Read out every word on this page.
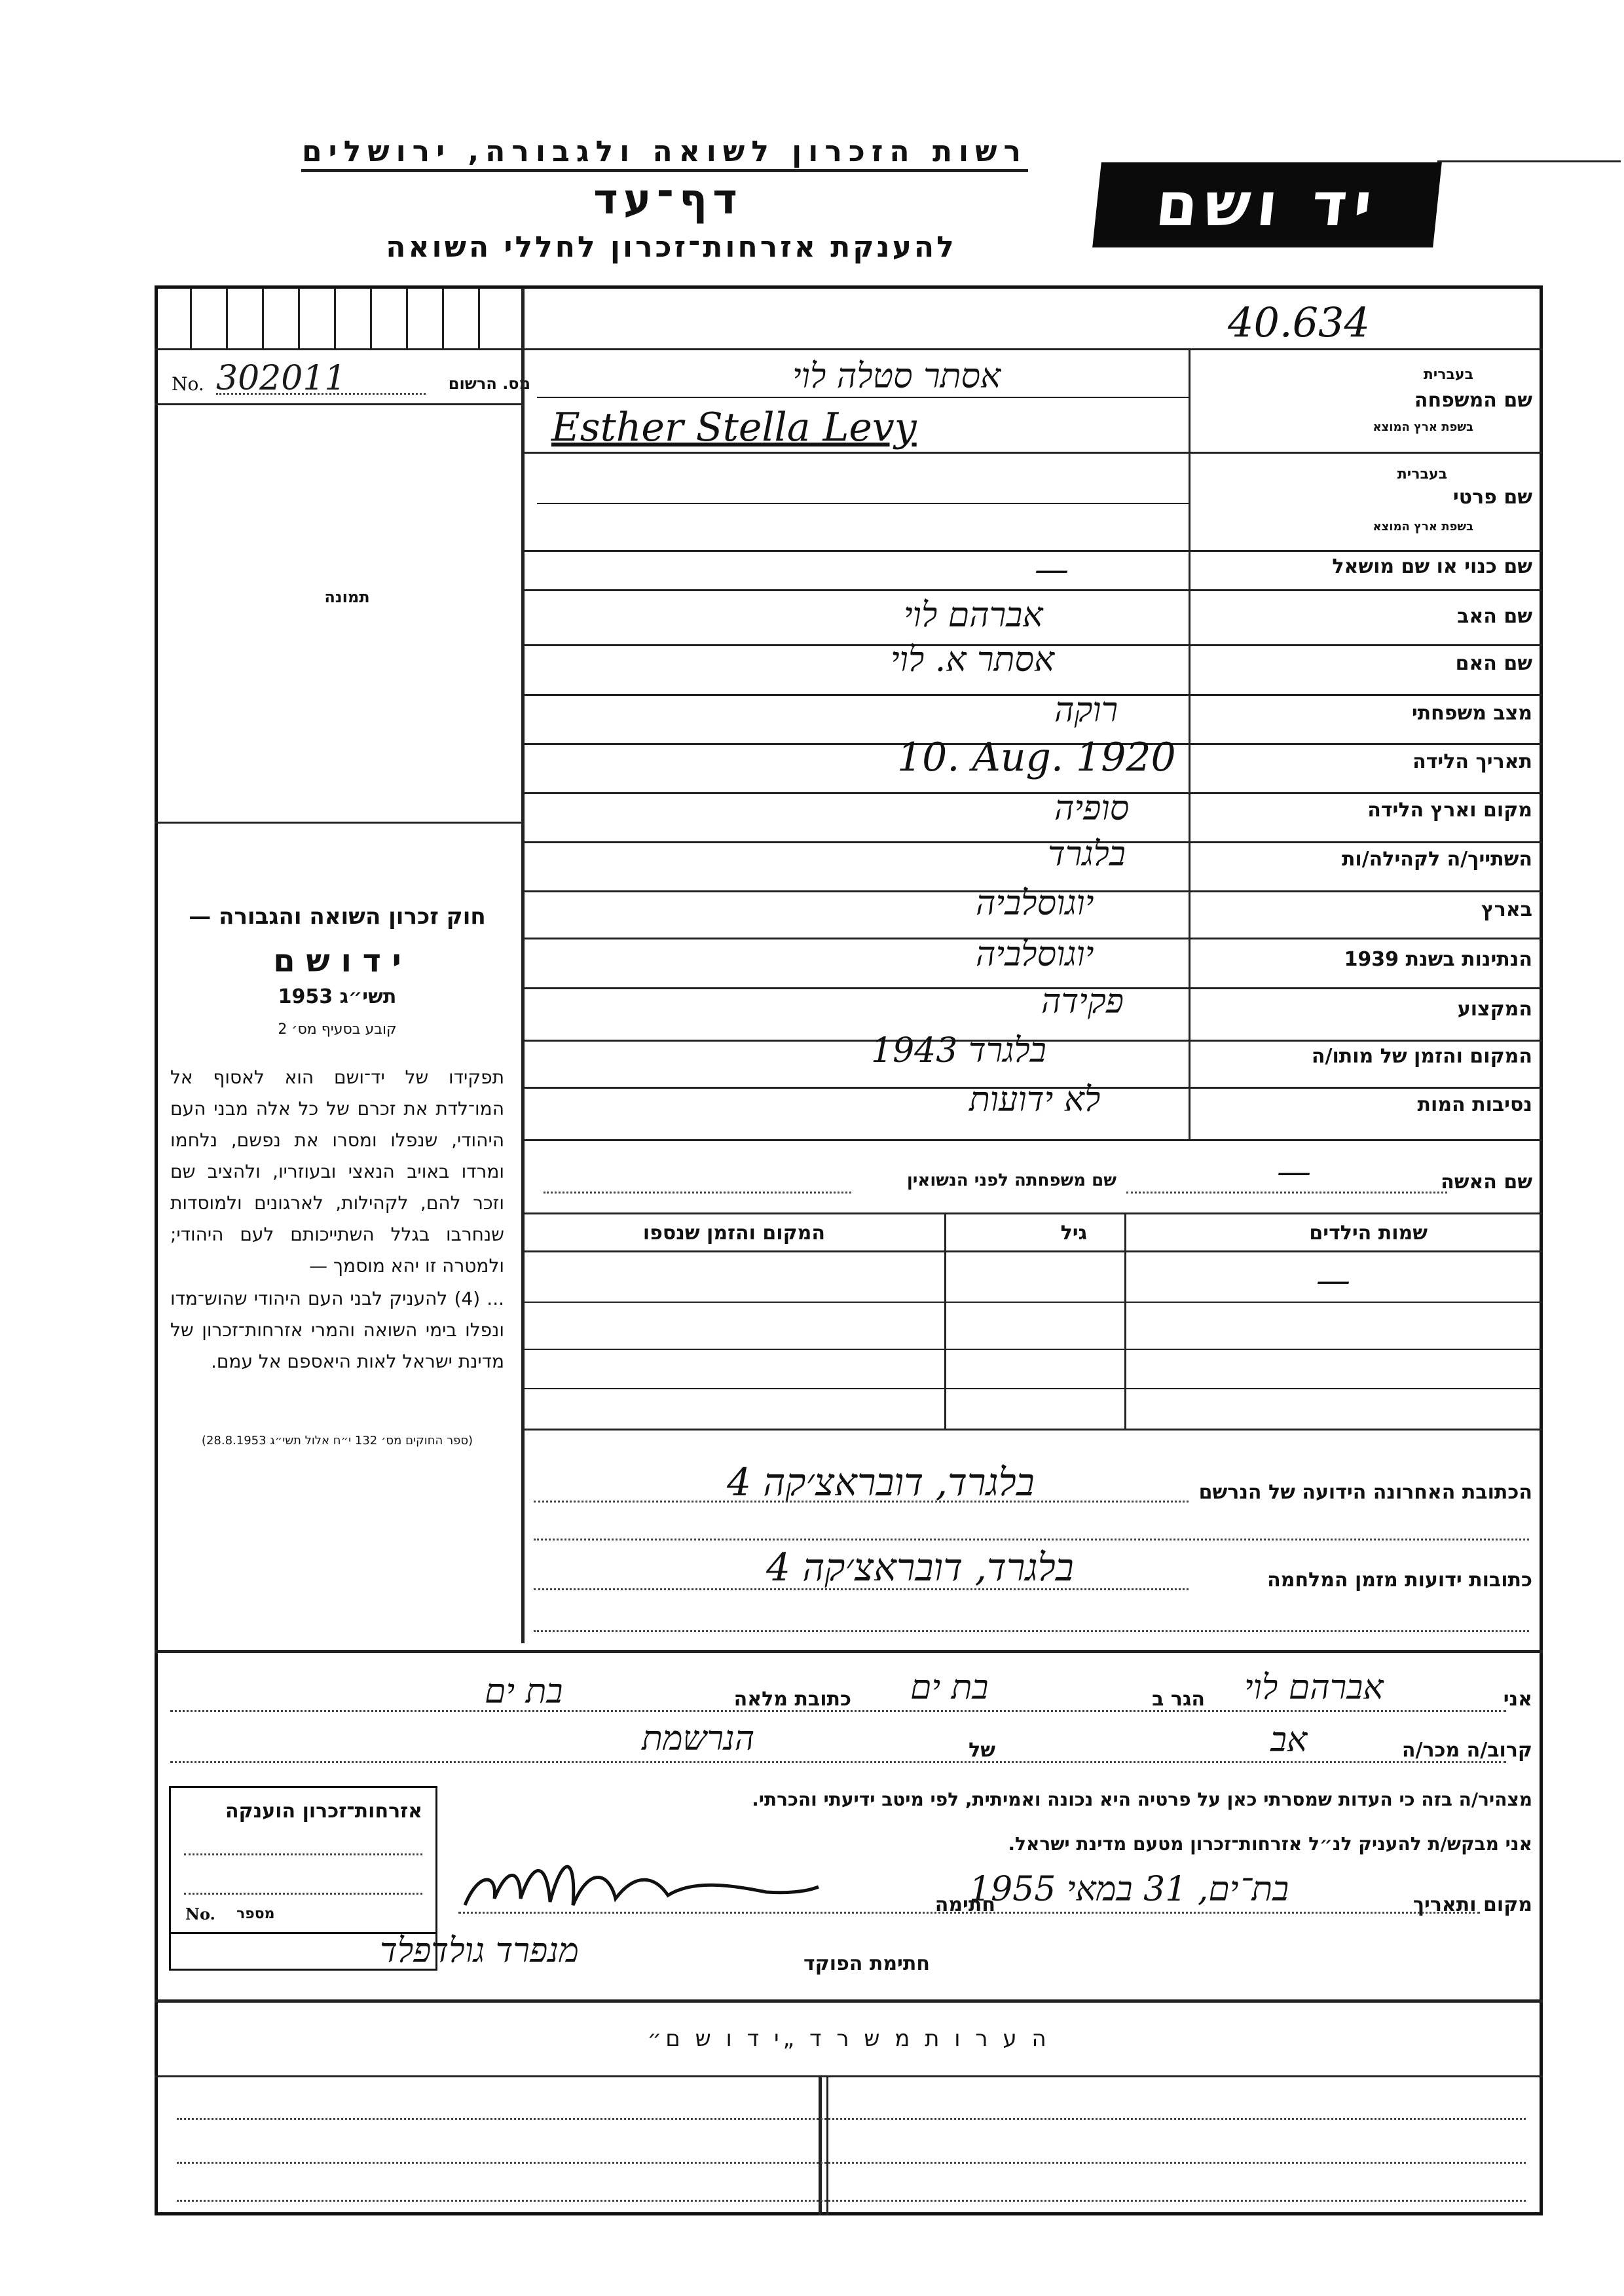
רשות הזכרון לשואה ולגבורה, ירושלים
דף־עד
להענקת אזרחות־זכרון לחללי השואה
יד ושם
40.634
No. 302011	מס. הרשום
תמונה
חוק זכרון השואה והגבורה —
י ד ו ש ם
תשי״ג 1953
קובע בסעיף מס׳ 2
תפקידו של יד־ושם הוא לאסוף אל המו־לדת את זכרם של כל אלה מבני העם היהודי, שנפלו ומסרו את נפשם, נלחמו ומרדו באויב הנאצי ובעוזריו, ולהציב שם וזכר להם, לקהילות, לארגונים ולמוסדות שנחרבו בגלל השתייכותם לעם היהודי; ולמטרה זו יהא מוסמך —
... (4) להעניק לבני העם היהודי שהוש־מדו ונפלו בימי השואה והמרי אזרחות־זכרון של מדינת ישראל לאות היאספם אל עמם.
(ספר החוקים מס׳ 132 י״ח אלול תשי״ג 28.8.1953)
שם המשפחה
בעברית
בשפת ארץ המוצא
אסתר סטלה לוי
Esther Stella Levy
שם פרטי
בעברית
בשפת ארץ המוצא
שם כנוי או שם מושאל
—
שם האב
אברהם לוי
שם האם
אסתר א. לוי
מצב משפחתי
רוקה
תאריך הלידה
10. Aug. 1920
מקום וארץ הלידה
סופיה
השתייך/ה לקהילה/ות
בלגרד
בארץ
יוגוסלביה
הנתינות בשנת 1939
יוגוסלביה
המקצוע
פקידה
המקום והזמן של מותו/ה
בלגרד 1943
נסיבות המות
לא ידועות
שם האשה
שם משפחתה לפני הנשואין	—
שמות הילדים
גיל
המקום והזמן שנספו
—
הכתובת האחרונה הידועה של הנרשם
בלגרד, דובראצ׳קה 4
כתובות ידועות מזמן המלחמה
בלגרד, דובראצ׳קה 4
אני
אברהם לוי
הגר ב
בת ים
כתובת מלאה
בת ים
קרוב/ה מכר/ה
אב
של
הנרשמת
מצהיר/ה בזה כי העדות שמסרתי כאן על פרטיה היא נכונה ואמיתית, לפי מיטב ידיעתי והכרתי.
אני מבקש/ת להעניק לנ״ל אזרחות־זכרון מטעם מדינת ישראל.
מקום ותאריך
בת־ים, 31 במאי 1955
חתימה
חתימת הפוקד
מנפרד גולדפלד
אזרחות־זכרון הוענקה
No. מספר
ה ע ר ו ת מ ש ר ד „י ד ו ש ם״
